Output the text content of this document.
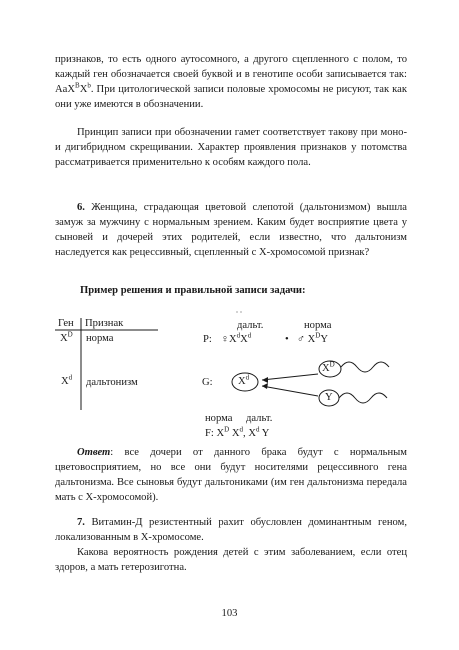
признаков, то есть одного аутосомного, а другого сцепленного с полом, то каждый ген обозначается своей буквой и в генотипе особи записывается так: $AaX^BX^b$. При цитологической записи половые хромосомы не рисуют, так как они уже имеются в обозначении.

Принцип записи при обозначении гамет соответствует такову при моно- и дигибридном скрещивании. Характер проявления признаков у потомства рассматривается применительно к особям каждого пола.

6. Женщина, страдающая цветовой слепотой (дальтонизмом) вышла замуж за мужчину с нормальным зрением. Каким будет восприятие цвета у сыновей и дочерей этих родителей, если известно, что дальтонизм наследуется как рецессивный, сцепленный с Х-хромосомой признак?

Пример решения и правильной записи задачи:
Ген Признак
$X^D$ норма
$X^d$ дальтонизм
дальт.	норма
P: $♀X^dX^d$	• ♂ $X^DY$
G: $X^d$
$X^D$
Y
норма дальт.
F: $X^D$ $X^d$, $X^d$ Y

Ответ: все дочери от данного брака будут с нормальным цветовосприятием, но все они будут носителями рецессивного гена дальтонизма. Все сыновья будут дальтониками (им ген дальтонизма передала мать с Х-хромосомой).

7. Витамин-Д резистентный рахит обусловлен доминантным геном, локализованным в Х-хромосоме.

Какова вероятность рождения детей с этим заболеванием, если отец здоров, а мать гетерозиготна.

103
